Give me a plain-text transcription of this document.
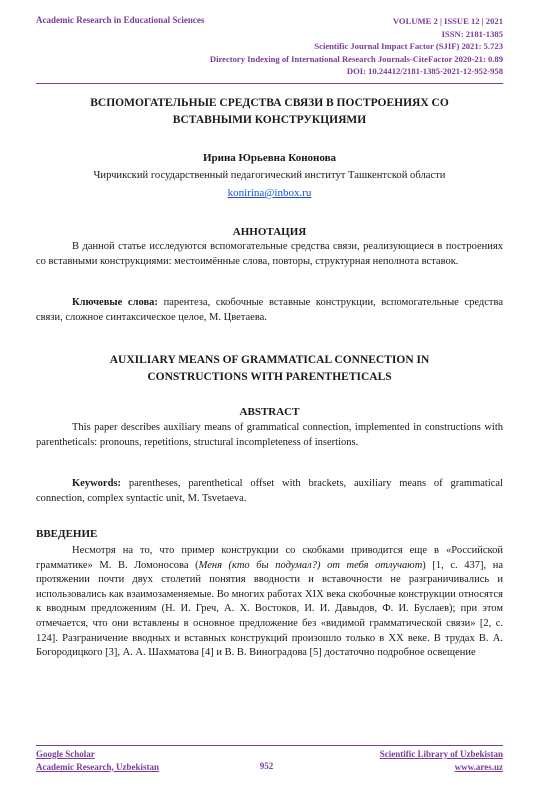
Academic Research in Educational Sciences	VOLUME 2 | ISSUE 12 | 2021
ISSN: 2181-1385
Scientific Journal Impact Factor (SJIF) 2021: 5.723
Directory Indexing of International Research Journals-CiteFactor 2020-21: 0.89
DOI: 10.24412/2181-1385-2021-12-952-958
ВСПОМОГАТЕЛЬНЫЕ СРЕДСТВА СВЯЗИ В ПОСТРОЕНИЯХ СО
ВСТАВНЫМИ КОНСТРУКЦИЯМИ
Ирина Юрьевна Кононова
Чирчикский государственный педагогический институт Ташкентской области
konirina@inbox.ru
АННОТАЦИЯ

В данной статье исследуются вспомогательные средства связи, реализующиеся в построениях со вставными конструкциями: местоимённые слова, повторы, структурная неполнота вставок.

Ключевые слова: парентеза, скобочные вставные конструкции, вспомогательные средства связи, сложное синтаксическое целое, М. Цветаева.

AUXILIARY MEANS OF GRAMMATICAL CONNECTION IN
CONSTRUCTIONS WITH PARENTHETICALS
ABSTRACT

This paper describes auxiliary means of grammatical connection, implemented in constructions with parentheticals: pronouns, repetitions, structural incompleteness of insertions.

Keywords: parentheses, parenthetical offset with brackets, auxiliary means of grammatical connection, complex syntactic unit, M. Tsvetaeva.

ВВЕДЕНИЕ

Несмотря на то, что пример конструкции со скобками приводится еще в «Российской грамматике» М. В. Ломоносова (Меня (кто бы подумал?) от тебя отлучают) [1, с. 437], на протяжении почти двух столетий понятия вводности и вставочности не разграничивались и использовались как взаимозаменяемые. Во многих работах XIX века скобочные конструкции относятся к вводным предложениям (Н. И. Греч, А. Х. Востоков, И. И. Давыдов, Ф. И. Буслаев); при этом отмечается, что они вставлены в основное предложение без «видимой грамматической связи» [2, с. 124]. Разграничение вводных и вставных конструкций произошло только в XX веке. В трудах В. А. Богородицкого [3], А. А. Шахматова [4] и В. В. Виноградова [5] достаточно подробное освещение

Google Scholar
Academic Research, Uzbekistan	952
Scientific Library of Uzbekistan
www.ares.uz
